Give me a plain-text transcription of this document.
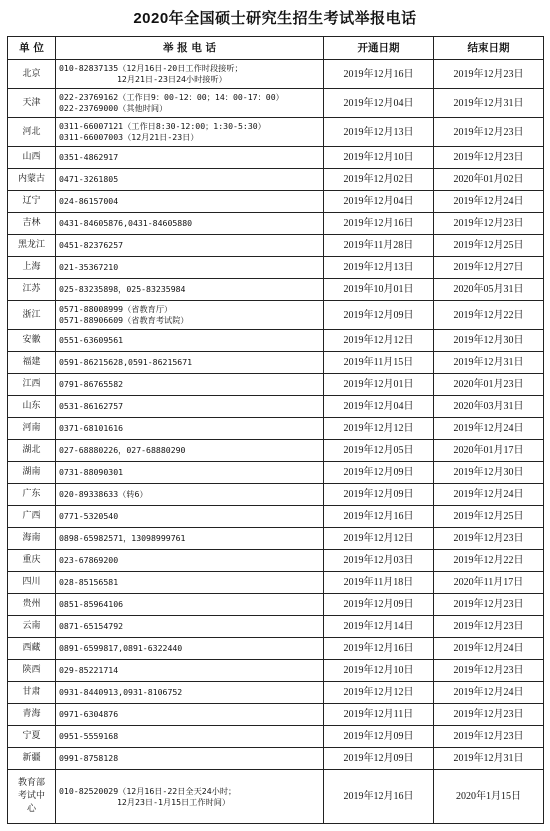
2020年全国硕士研究生招生考试举报电话
单 位	举 报 电 话	开通日期	结束日期
北京	010-82837135（12月16日-20日工作时段接听；
12月21日-23日24小时接听）	2019年12月16日	2019年12月23日
天津	022-23769162（工作日9：00-12：00；14：00-17：00）
022-23769000（其他时间）	2019年12月04日	2019年12月31日
河北	0311-66007121（工作日8:30-12:00；1:30-5:30）
0311-66007003（12月21日-23日）	2019年12月13日	2019年12月23日
山西	0351-4862917	2019年12月10日	2019年12月23日
内蒙古	0471-3261805	2019年12月02日	2020年01月02日
辽宁	024-86157004	2019年12月04日	2019年12月24日
吉林	0431-84605876,0431-84605880	2019年12月16日	2019年12月23日
黑龙江	0451-82376257	2019年11月28日	2019年12月25日
上海	021-35367210	2019年12月13日	2019年12月27日
江苏	025-83235898，025-83235984	2019年10月01日	2020年05月31日
浙江	0571-88008999（省教育厅）
0571-88906609（省教育考试院）	2019年12月09日	2019年12月22日
安徽	0551-63609561	2019年12月12日	2019年12月30日
福建	0591-86215628,0591-86215671	2019年11月15日	2019年12月31日
江西	0791-86765582	2019年12月01日	2020年01月23日
山东	0531-86162757	2019年12月04日	2020年03月31日
河南	0371-68101616	2019年12月12日	2019年12月24日
湖北	027-68880226，027-68880290	2019年12月05日	2020年01月17日
湖南	0731-88090301	2019年12月09日	2019年12月30日
广东	020-89338633（转6）	2019年12月09日	2019年12月24日
广西	0771-5320540	2019年12月16日	2019年12月25日
海南	0898-65982571，13098999761	2019年12月12日	2019年12月23日
重庆	023-67869200	2019年12月03日	2019年12月22日
四川	028-85156581	2019年11月18日	2020年11月17日
贵州	0851-85964106	2019年12月09日	2019年12月23日
云南	0871-65154792	2019年12月14日	2019年12月23日
西藏	0891-6599817,0891-6322440	2019年12月16日	2019年12月24日
陕西	029-85221714	2019年12月10日	2019年12月23日
甘肃	0931-8440913,0931-8106752	2019年12月12日	2019年12月24日
青海	0971-6304876	2019年12月11日	2019年12月23日
宁夏	0951-5559168	2019年12月09日	2019年12月23日
新疆	0991-8758128	2019年12月09日	2019年12月31日
教育部考试中心	010-82520029（12月16日-22日全天24小时；
12月23日-1月15日工作时间）	2019年12月16日	2020年1月15日
